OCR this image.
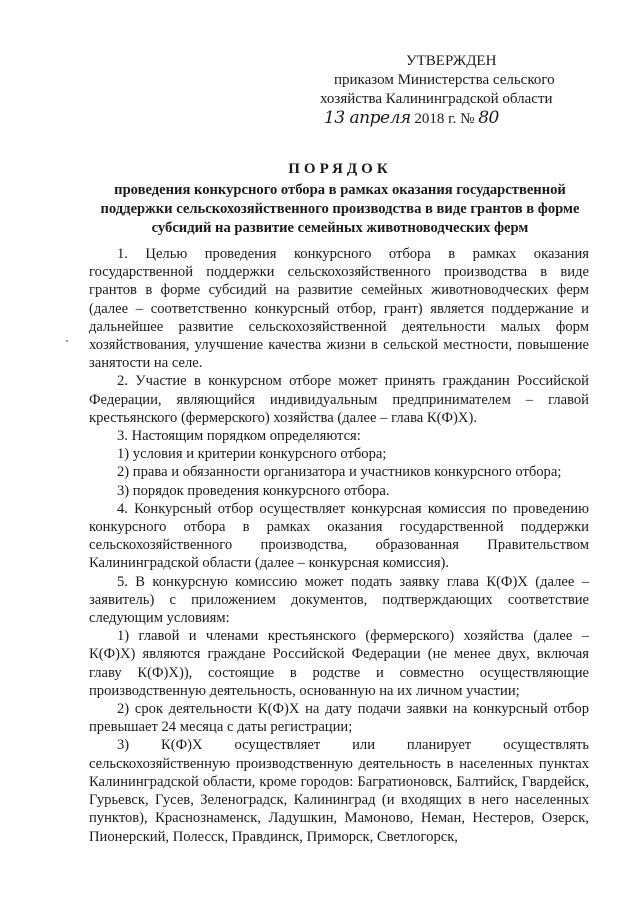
УТВЕРЖДЕН
приказом Министерства сельского
хозяйства Калининградской области
13 апреля 2018 г. № 80
ПОРЯДОК
проведения конкурсного отбора в рамках оказания государственной
поддержки сельскохозяйственного производства в виде грантов в форме
субсидий на развитие семейных животноводческих ферм

1. Целью проведения конкурсного отбора в рамках оказания государственной поддержки сельскохозяйственного производства в виде грантов в форме субсидий на развитие семейных животноводческих ферм (далее – соответственно конкурсный отбор, грант) является поддержание и дальнейшее развитие сельскохозяйственной деятельности малых форм хозяйствования, улучшение качества жизни в сельской местности, повышение занятости на селе.

2. Участие в конкурсном отборе может принять гражданин Российской Федерации, являющийся индивидуальным предпринимателем – главой крестьянского (фермерского) хозяйства (далее – глава К(Ф)Х).

3. Настоящим порядком определяются:

1) условия и критерии конкурсного отбора;

2) права и обязанности организатора и участников конкурсного отбора;

3) порядок проведения конкурсного отбора.

4. Конкурсный отбор осуществляет конкурсная комиссия по проведению конкурсного отбора в рамках оказания государственной поддержки сельскохозяйственного производства, образованная Правительством Калининградской области (далее – конкурсная комиссия).

5. В конкурсную комиссию может подать заявку глава К(Ф)Х (далее – заявитель) с приложением документов, подтверждающих соответствие следующим условиям:

1) главой и членами крестьянского (фермерского) хозяйства (далее – К(Ф)Х) являются граждане Российской Федерации (не менее двух, включая главу К(Ф)Х)), состоящие в родстве и совместно осуществляющие производственную деятельность, основанную на их личном участии;

2) срок деятельности К(Ф)Х на дату подачи заявки на конкурсный отбор превышает 24 месяца с даты регистрации;

3) К(Ф)Х осуществляет или планирует осуществлять сельскохозяйственную производственную деятельность в населенных пунктах Калининградской области, кроме городов: Багратионовск, Балтийск, Гвардейск, Гурьевск, Гусев, Зеленоградск, Калининград (и входящих в него населенных пунктов), Краснознаменск, Ладушкин, Мамоново, Неман, Нестеров, Озерск, Пионерский, Полесск, Правдинск, Приморск, Светлогорск,
